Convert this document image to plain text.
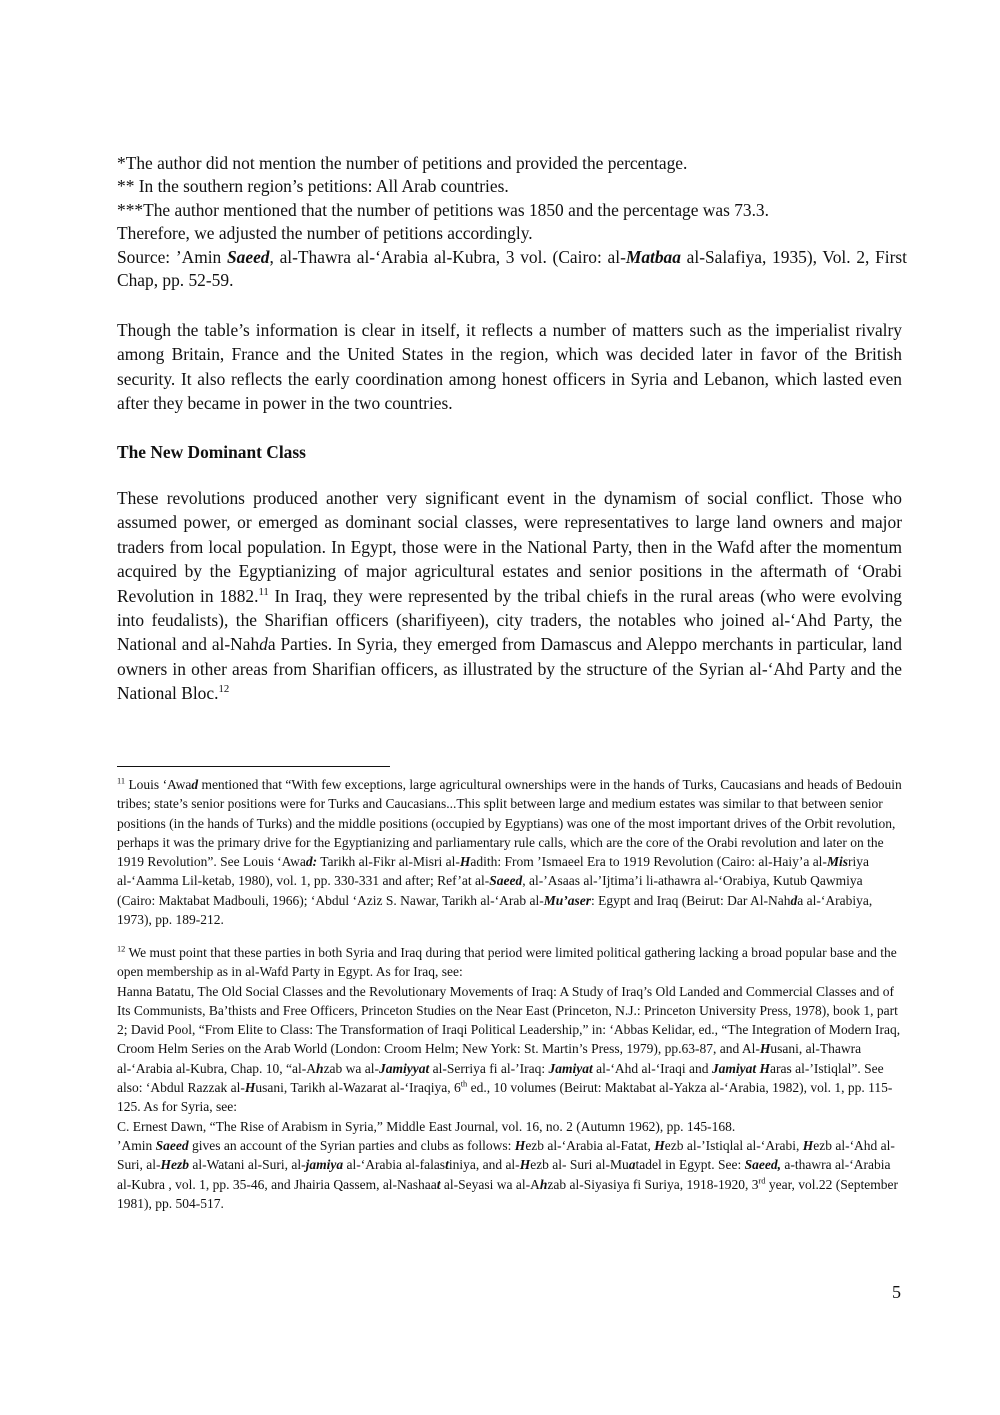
*The author did not mention the number of petitions and provided the percentage.

** In the southern region’s petitions: All Arab countries.

***The author mentioned that the number of petitions was 1850 and the percentage was 73.3.

Therefore, we adjusted the number of petitions accordingly.

Source: ’Amin Saeed, al-Thawra al-‘Arabia al-Kubra, 3 vol. (Cairo: al-Matbaa al-Salafiya, 1935), Vol. 2, First Chap, pp. 52-59.

Though the table’s information is clear in itself, it reflects a number of matters such as the imperialist rivalry among Britain, France and the United States in the region, which was decided later in favor of the British security. It also reflects the early coordination among honest officers in Syria and Lebanon, which lasted even after they became in power in the two countries.

The New Dominant Class

These revolutions produced another very significant event in the dynamism of social conflict. Those who assumed power, or emerged as dominant social classes, were representatives to large land owners and major traders from local population. In Egypt, those were in the National Party, then in the Wafd after the momentum acquired by the Egyptianizing of major agricultural estates and senior positions in the aftermath of ‘Orabi Revolution in 1882.11 In Iraq, they were represented by the tribal chiefs in the rural areas (who were evolving into feudalists), the Sharifian officers (sharifiyeen), city traders, the notables who joined al-‘Ahd Party, the National and al-Nahda Parties. In Syria, they emerged from Damascus and Aleppo merchants in particular, land owners in other areas from Sharifian officers, as illustrated by the structure of the Syrian al-‘Ahd Party and the National Bloc.$^{12}$

$^{11}$ Louis ‘Awad mentioned that “With few exceptions, large agricultural ownerships were in the hands of Turks, Caucasians and heads of Bedouin tribes; state’s senior positions were for Turks and Caucasians...This split between large and medium estates was similar to that between senior positions (in the hands of Turks) and the middle positions (occupied by Egyptians) was one of the most important drives of the Orbit revolution, perhaps it was the primary drive for the Egyptianizing and parliamentary rule calls, which are the core of the Orabi revolution and later on the 1919 Revolution”. See Louis ‘Awad: Tarikh al-Fikr al-Misri al-Hadith: From ’Ismaeel Era to 1919 Revolution (Cairo: al-Haiy’a al-Misriya al-‘Aamma Lil-ketab, 1980), vol. 1, pp. 330-331 and after; Ref’at al-Saeed, al-’Asaas al-’Ijtima’i li-athawra al-‘Orabiya, Kutub Qawmiya (Cairo: Maktabat Madbouli, 1966); ‘Abdul ‘Aziz S. Nawar, Tarikh al-‘Arab al-Mu’aser: Egypt and Iraq (Beirut: Dar Al-Nahda al-‘Arabiya, 1973), pp. 189-212.

$^{12}$ We must point that these parties in both Syria and Iraq during that period were limited political gathering lacking a broad popular base and the open membership as in al-Wafd Party in Egypt. As for Iraq, see:
Hanna Batatu, The Old Social Classes and the Revolutionary Movements of Iraq: A Study of Iraq’s Old Landed and Commercial Classes and of Its Communists, Ba’thists and Free Officers, Princeton Studies on the Near East (Princeton, N.J.: Princeton University Press, 1978), book 1, part 2; David Pool, “From Elite to Class: The Transformation of Iraqi Political Leadership,” in: ‘Abbas Kelidar, ed., “The Integration of Modern Iraq, Croom Helm Series on the Arab World (London: Croom Helm; New York: St. Martin’s Press, 1979), pp.63-87, and Al-Husani, al-Thawra al-‘Arabia al-Kubra, Chap. 10, “al-Ahzab wa al-Jamiyyat al-Serriya fi al-’Iraq: Jamiyat al-‘Ahd al-‘Iraqi and Jamiyat Haras al-’Istiqlal”. See also: ‘Abdul Razzak al-Husani, Tarikh al-Wazarat al-‘Iraqiya, 6th ed., 10 volumes (Beirut: Maktabat al-Yakza al-‘Arabia, 1982), vol. 1, pp. 115-125. As for Syria, see:
C. Ernest Dawn, “The Rise of Arabism in Syria,” Middle East Journal, vol. 16, no. 2 (Autumn 1962), pp. 145-168.
’Amin Saeed gives an account of the Syrian parties and clubs as follows: Hezb al-‘Arabia al-Fatat, Hezb al-’Istiqlal al-‘Arabi, Hezb al-‘Ahd al-Suri, al-Hezb al-Watani al-Suri, al-jamiya al-‘Arabia al-falastiniya, and al-Hezb al- Suri al-Muatadel in Egypt. See: Saeed, a-thawra al-‘Arabia al-Kubra , vol. 1, pp. 35-46, and Jhairia Qassem, al-Nashaat al-Seyasi wa al-Ahzab al-Siyasiya fi Suriya, 1918-1920, 3rd year, vol.22 (September 1981), pp. 504-517.

5
